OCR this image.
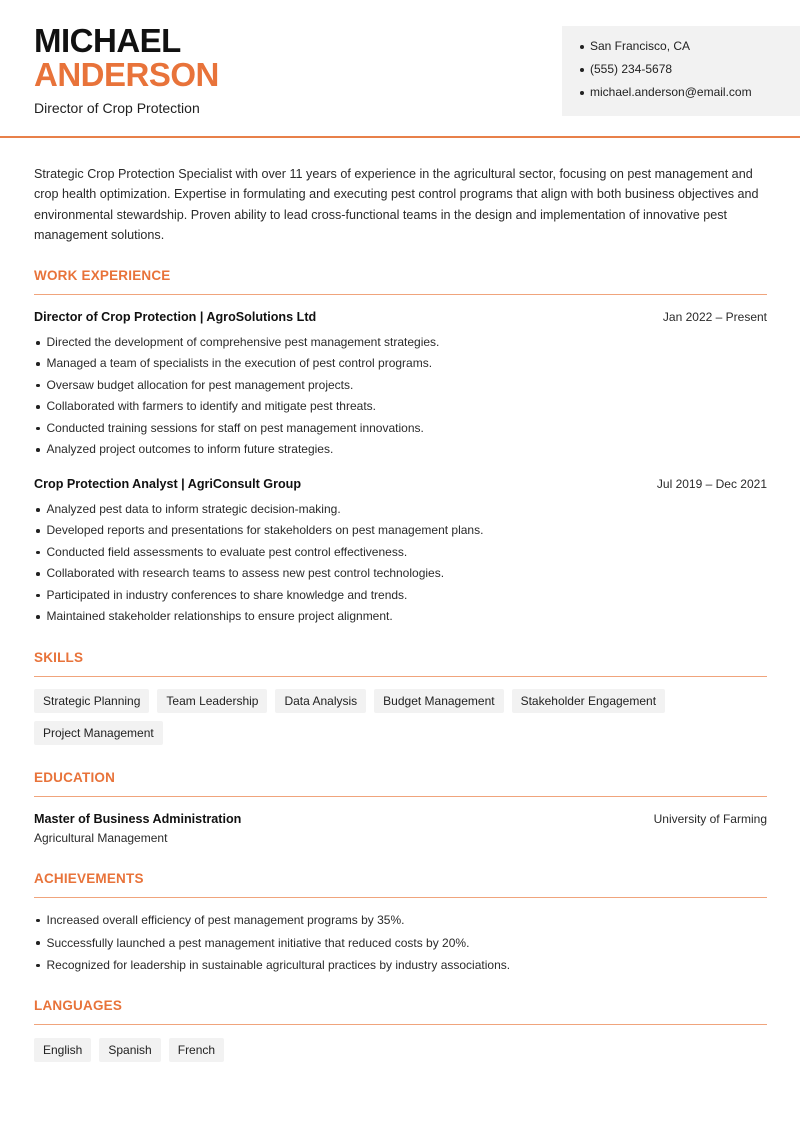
MICHAEL
ANDERSON
Director of Crop Protection
San Francisco, CA
(555) 234-5678
michael.anderson@email.com
Strategic Crop Protection Specialist with over 11 years of experience in the agricultural sector, focusing on pest management and crop health optimization. Expertise in formulating and executing pest control programs that align with both business objectives and environmental stewardship. Proven ability to lead cross-functional teams in the design and implementation of innovative pest management solutions.
WORK EXPERIENCE
Director of Crop Protection | AgroSolutions Ltd	Jan 2022 – Present
Directed the development of comprehensive pest management strategies.
Managed a team of specialists in the execution of pest control programs.
Oversaw budget allocation for pest management projects.
Collaborated with farmers to identify and mitigate pest threats.
Conducted training sessions for staff on pest management innovations.
Analyzed project outcomes to inform future strategies.
Crop Protection Analyst | AgriConsult Group	Jul 2019 – Dec 2021
Analyzed pest data to inform strategic decision-making.
Developed reports and presentations for stakeholders on pest management plans.
Conducted field assessments to evaluate pest control effectiveness.
Collaborated with research teams to assess new pest control technologies.
Participated in industry conferences to share knowledge and trends.
Maintained stakeholder relationships to ensure project alignment.
SKILLS
Strategic Planning	Team Leadership	Data Analysis	Budget Management	Stakeholder Engagement
Project Management
EDUCATION
Master of Business Administration	University of Farming
Agricultural Management
ACHIEVEMENTS
Increased overall efficiency of pest management programs by 35%.
Successfully launched a pest management initiative that reduced costs by 20%.
Recognized for leadership in sustainable agricultural practices by industry associations.
LANGUAGES
English	Spanish	French
